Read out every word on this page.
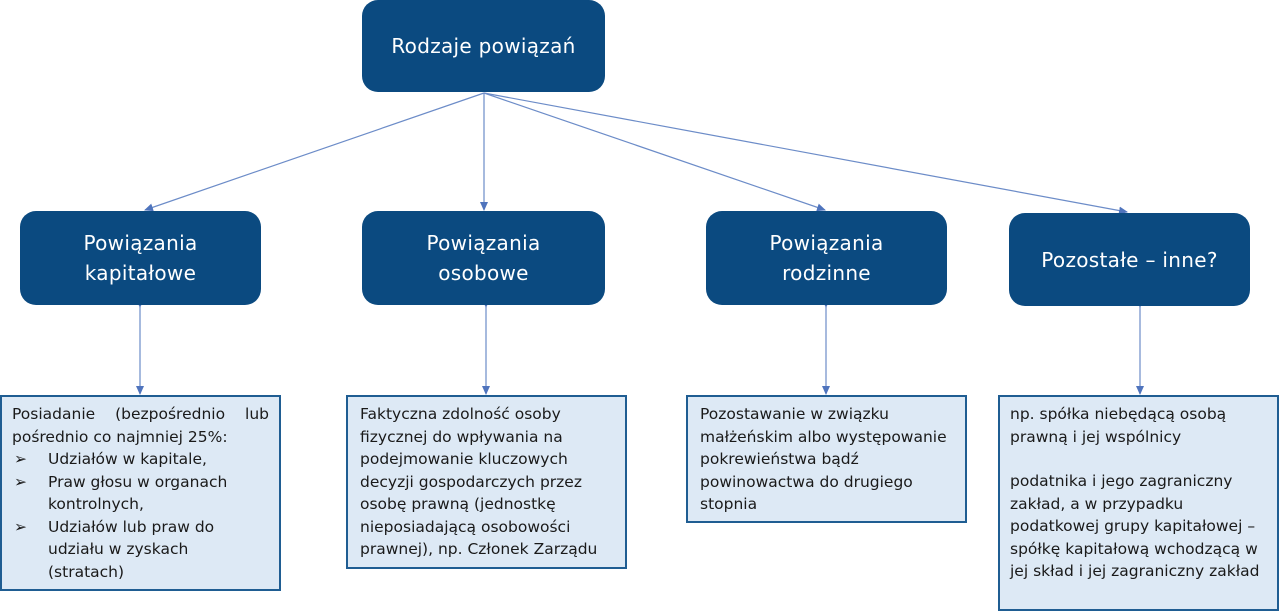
Rodzaje powiązań
Powiązania
kapitałowe
Powiązania
osobowe
Powiązania
rodzinne
Pozostałe – inne?

Posiadanie (bezpośrednio lub pośrednio co najmniej 25%:

➢ Udziałów w kapitale,
➢ Praw głosu w organach kontrolnych,
➢ Udziałów lub praw do udziału w zyskach (stratach)

Faktyczna zdolność osoby fizycznej do wpływania na podejmowanie kluczowych decyzji gospodarczych przez osobę prawną (jednostkę nieposiadającą osobowości prawnej), np. Członek Zarządu

Pozostawanie w związku małżeńskim albo występowanie pokrewieństwa bądź powinowactwa do drugiego stopnia

np. spółka niebędącą osobą prawną i jej wspólnicy

podatnika i jego zagraniczny zakład, a w przypadku podatkowej grupy kapitałowej – spółkę kapitałową wchodzącą w jej skład i jej zagraniczny zakład
